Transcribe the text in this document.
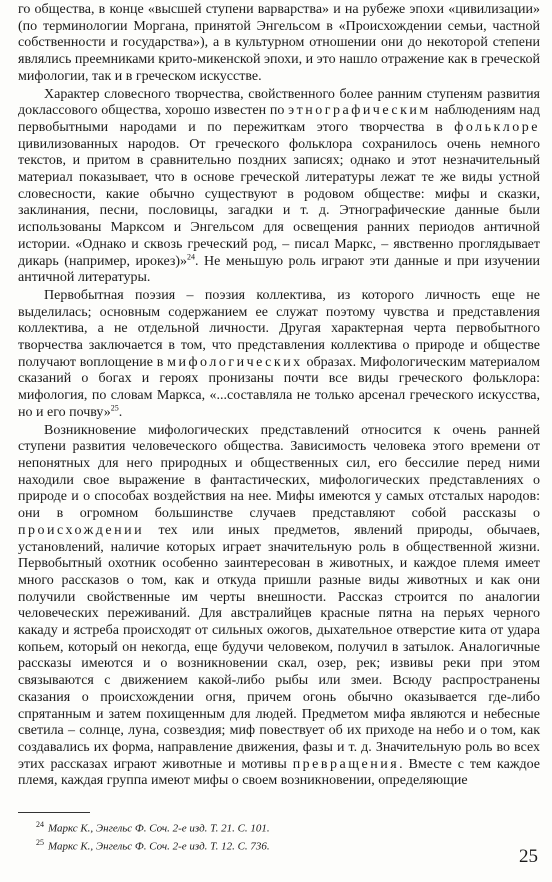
го общества, в конце «высшей ступени варварства» и на рубеже эпохи «цивилизации» (по терминологии Моргана, принятой Энгельсом в «Происхождении семьи, частной собственности и государства»), а в культурном отношении они до некоторой степени являлись преемниками крито-микенской эпохи, и это нашло отражение как в греческой мифологии, так и в греческом искусстве.

Характер словесного творчества, свойственного более ранним ступеням развития доклассового общества, хорошо известен по этнографическим наблюдениям над первобытными народами и по пережиткам этого творчества в фольклоре цивилизованных народов. От греческого фольклора сохранилось очень немного текстов, и притом в сравнительно поздних записях; однако и этот незначительный материал показывает, что в основе греческой литературы лежат те же виды устной словесности, какие обычно существуют в родовом обществе: мифы и сказки, заклинания, песни, пословицы, загадки и т. д. Этнографические данные были использованы Марксом и Энгельсом для освещения ранних периодов античной истории. «Однако и сквозь греческий род, – писал Маркс, – явственно проглядывает дикарь (например, ирокез)»$^{24}$. Не меньшую роль играют эти данные и при изучении античной литературы.

Первобытная поэзия – поэзия коллектива, из которого личность еще не выделилась; основным содержанием ее служат поэтому чувства и представления коллектива, а не отдельной личности. Другая характерная черта первобытного творчества заключается в том, что представления коллектива о природе и обществе получают воплощение в мифологических образах. Мифологическим материалом сказаний о богах и героях пронизаны почти все виды греческого фольклора: мифология, по словам Маркса, «...составляла не только арсенал греческого искусства, но и его почву»$^{25}$.

Возникновение мифологических представлений относится к очень ранней ступени развития человеческого общества. Зависимость человека этого времени от непонятных для него природных и общественных сил, его бессилие перед ними находили свое выражение в фантастических, мифологических представлениях о природе и о способах воздействия на нее. Мифы имеются у самых отсталых народов: они в огромном большинстве случаев представляют собой рассказы о происхождении тех или иных предметов, явлений природы, обычаев, установлений, наличие которых играет значительную роль в общественной жизни. Первобытный охотник особенно заинтересован в животных, и каждое племя имеет много рассказов о том, как и откуда пришли разные виды животных и как они получили свойственные им черты внешности. Рассказ строится по аналогии человеческих переживаний. Для австралийцев красные пятна на перьях черного какаду и ястреба происходят от сильных ожогов, дыхательное отверстие кита от удара копьем, который он некогда, еще будучи человеком, получил в затылок. Аналогичные рассказы имеются и о возникновении скал, озер, рек; извивы реки при этом связываются с движением какой-либо рыбы или змеи. Всюду распространены сказания о происхождении огня, причем огонь обычно оказывается где-либо спрятанным и затем похищенным для людей. Предметом мифа являются и небесные светила – солнце, луна, созвездия; миф повествует об их приходе на небо и о том, как создавались их форма, направление движения, фазы и т. д. Значительную роль во всех этих рассказах играют животные и мотивы превращения. Вместе с тем каждое племя, каждая группа имеют мифы о своем возникновении, определяющие

$^{24}$ Маркс К., Энгельс Ф. Соч. 2-е изд. Т. 21. С. 101.
$^{25}$ Маркс К., Энгельс Ф. Соч. 2-е изд. Т. 12. С. 736.	25
